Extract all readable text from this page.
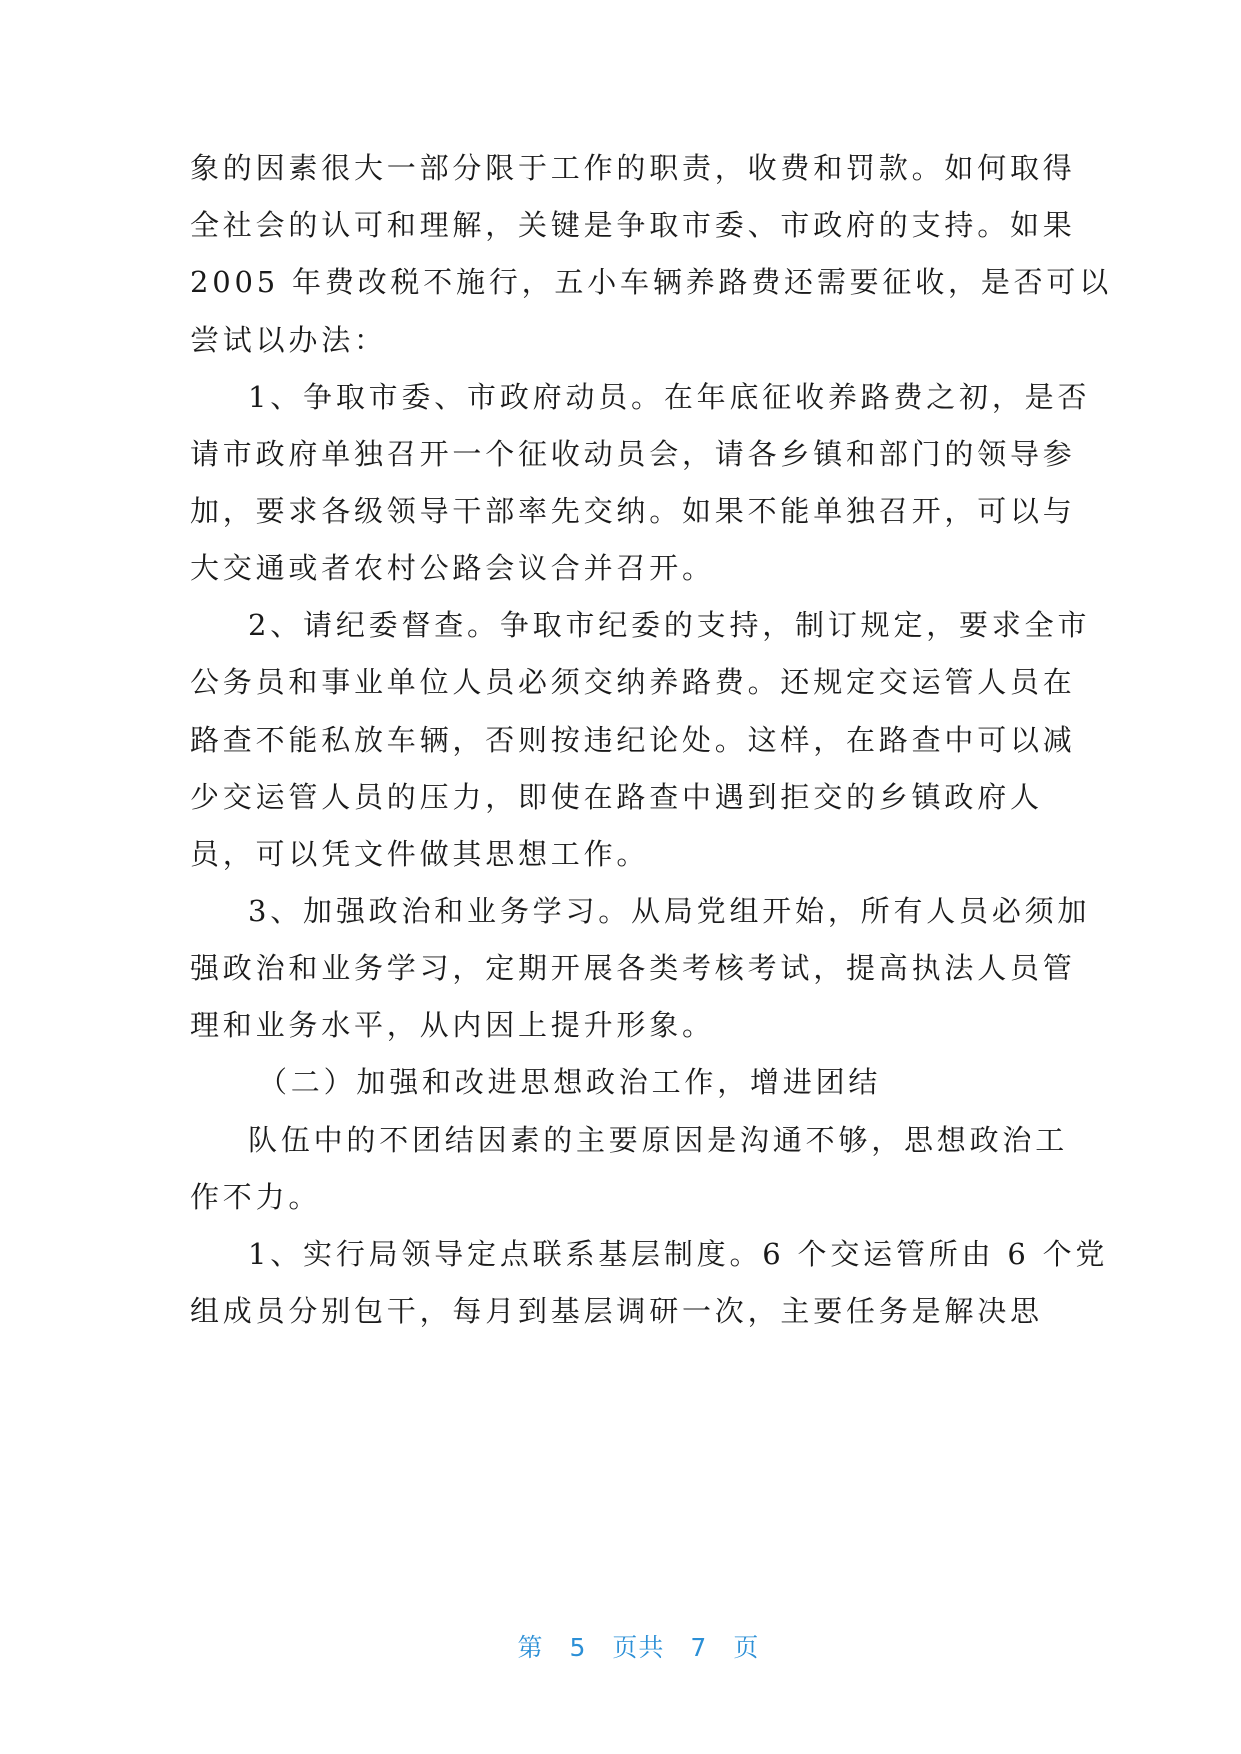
象的因素很大一部分限于工作的职责，收费和罚款。如何取得
全社会的认可和理解，关键是争取市委、市政府的支持。如果
2005 年费改税不施行，五小车辆养路费还需要征收，是否可以
尝试以办法：
1、争取市委、市政府动员。在年底征收养路费之初，是否
请市政府单独召开一个征收动员会，请各乡镇和部门的领导参
加，要求各级领导干部率先交纳。如果不能单独召开，可以与
大交通或者农村公路会议合并召开。
2、请纪委督查。争取市纪委的支持，制订规定，要求全市
公务员和事业单位人员必须交纳养路费。还规定交运管人员在
路查不能私放车辆，否则按违纪论处。这样，在路查中可以减
少交运管人员的压力，即使在路查中遇到拒交的乡镇政府人
员，可以凭文件做其思想工作。
3、加强政治和业务学习。从局党组开始，所有人员必须加
强政治和业务学习，定期开展各类考核考试，提高执法人员管
理和业务水平，从内因上提升形象。
（二）加强和改进思想政治工作，增进团结
队伍中的不团结因素的主要原因是沟通不够，思想政治工
作不力。
1、实行局领导定点联系基层制度。6 个交运管所由 6 个党
组成员分别包干，每月到基层调研一次，主要任务是解决思

第 5 页共 7 页
